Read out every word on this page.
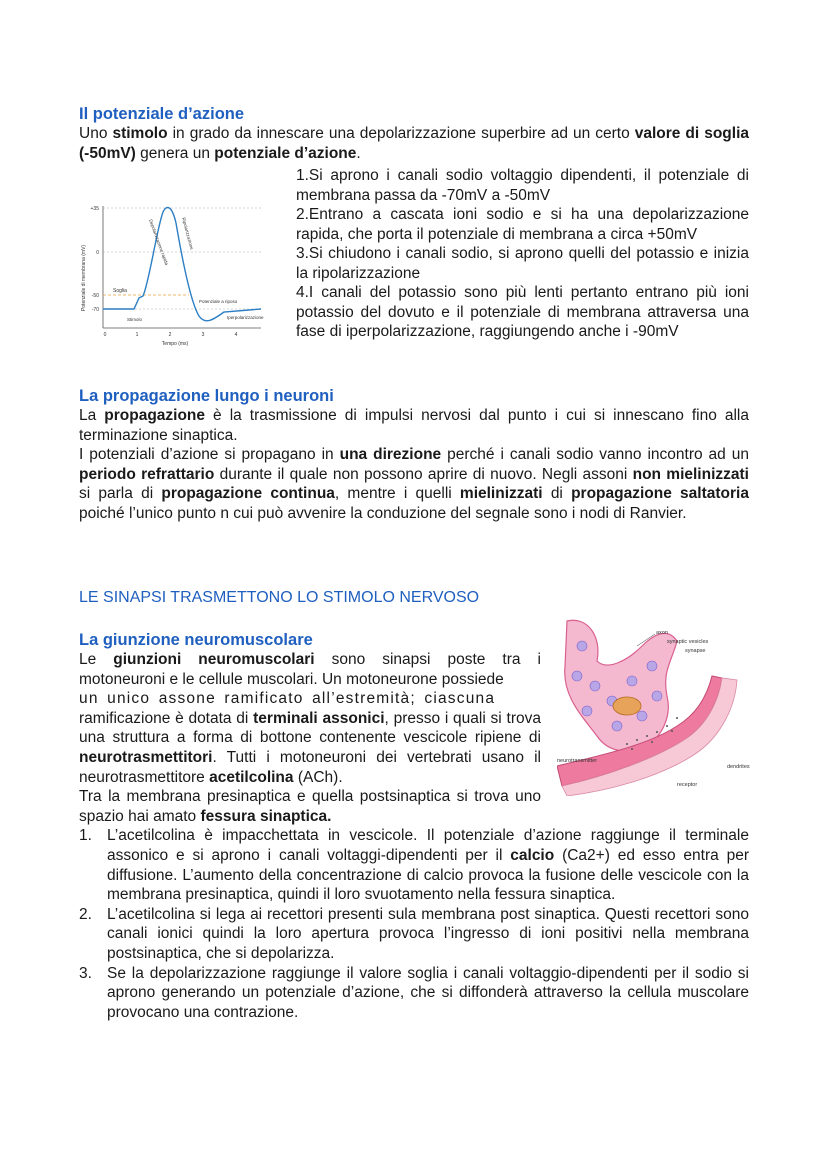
Il potenziale d’azione

Uno stimolo in grado da innescare una depolarizzazione superbire ad un certo valore di soglia (-50mV) genera un potenziale d’azione.

Potenziale di membrana (mV)
+35
0
-50
-70
0	1	2	3	4
Tempo (ms)
Soglia
Stimolo
Depolarizzazione rapida	Ripolarizzazione
Potenziale a riposo
Iperpolarizzazione

1.Si aprono i canali sodio voltaggio dipendenti, il potenziale di membrana passa da -70mV a -50mV

2.Entrano a cascata ioni sodio e si ha una depolarizzazione rapida, che porta il potenziale di membrana a circa +50mV

3.Si chiudono i canali sodio, si aprono quelli del potassio e inizia la ripolarizzazione

4.I canali del potassio sono più lenti pertanto entrano più ioni potassio del dovuto e il potenziale di membrana attraversa una fase di iperpolarizzazione, raggiungendo anche i -90mV

La propagazione lungo i neuroni

La propagazione è la trasmissione di impulsi nervosi dal punto i cui si innescano fino alla terminazione sinaptica.

I potenziali d’azione si propagano in una direzione perché i canali sodio vanno incontro ad un periodo refrattario durante il quale non possono aprire di nuovo. Negli assoni non mielinizzati si parla di propagazione continua, mentre i quelli mielinizzati di propagazione saltatoria poiché l’unico punto n cui può avvenire la conduzione del segnale sono i nodi di Ranvier.

LE SINAPSI TRASMETTONO LO STIMOLO NERVOSO
La giunzione neuromuscolare

Le giunzioni neuromuscolari sono sinapsi poste tra i motoneuroni e le cellule muscolari. Un motoneurone possiede

un unico assone ramificato all’estremità; ciascuna

ramificazione è dotata di terminali assonici, presso i quali si trova una struttura a forma di bottone contenente vescicole ripiene di neurotrasmettitori. Tutti i motoneuroni dei vertebrati usano il neurotrasmettitore acetilcolina (ACh).

Tra la membrana presinaptica e quella postsinaptica si trova uno spazio hai amato fessura sinaptica.

axon
synaptic vesicles
synapse
neurotransmitter
dendrites
receptor
1. L’acetilcolina è impacchettata in vescicole. Il potenziale d’azione raggiunge il terminale assonico e si aprono i canali voltaggi-dipendenti per il calcio (Ca2+) ed esso entra per diffusione. L’aumento della concentrazione di calcio provoca la fusione delle vescicole con la membrana presinaptica, quindi il loro svuotamento nella fessura sinaptica.
2. L’acetilcolina si lega ai recettori presenti sula membrana post sinaptica. Questi recettori sono canali ionici quindi la loro apertura provoca l’ingresso di ioni positivi nella membrana postsinaptica, che si depolarizza.
3. Se la depolarizzazione raggiunge il valore soglia i canali voltaggio-dipendenti per il sodio si aprono generando un potenziale d’azione, che si diffonderà attraverso la cellula muscolare provocano una contrazione.
